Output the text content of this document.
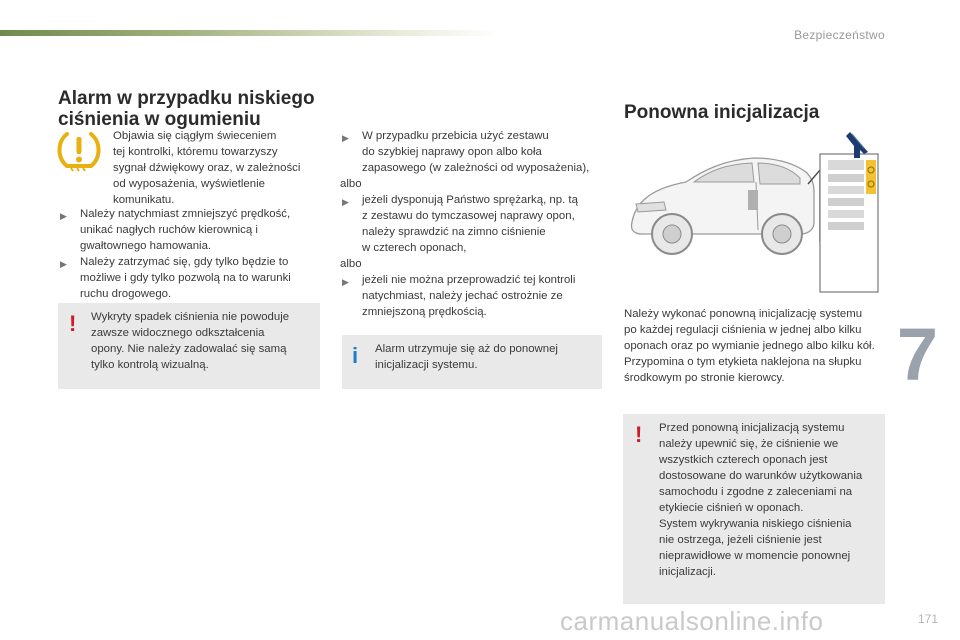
Bezpieczeństwo
7
171
carmanualsonline.info
Alarm w przypadku niskiego ciśnienia w ogumieniu
Objawia się ciągłym świeceniem
tej kontrolki, któremu towarzyszy
sygnał dźwiękowy oraz, w zależności
od wyposażenia, wyświetlenie
komunikatu.
▶ Należy natychmiast zmniejszyć prędkość,
unikać nagłych ruchów kierownicą i
gwałtownego hamowania.
▶ Należy zatrzymać się, gdy tylko będzie to
możliwe i gdy tylko pozwolą na to warunki
ruchu drogowego.
! Wykryty spadek ciśnienia nie powoduje
zawsze widocznego odkształcenia
opony. Nie należy zadowalać się samą
tylko kontrolą wizualną.
▶ W przypadku przebicia użyć zestawu
do szybkiej naprawy opon albo koła
zapasowego (w zależności od wyposażenia),
albo
▶ jeżeli dysponują Państwo sprężarką, np. tą
z zestawu do tymczasowej naprawy opon,
należy sprawdzić na zimno ciśnienie
w czterech oponach,
albo
▶ jeżeli nie można przeprowadzić tej kontroli
natychmiast, należy jechać ostrożnie ze
zmniejszoną prędkością.
i Alarm utrzymuje się aż do ponownej
inicjalizacji systemu.
Ponowna inicjalizacja
Należy wykonać ponowną inicjalizację systemu
po każdej regulacji ciśnienia w jednej albo kilku
oponach oraz po wymianie jednego albo kilku kół.
Przypomina o tym etykieta naklejona na słupku
środkowym po stronie kierowcy.
! Przed ponowną inicjalizacją systemu
należy upewnić się, że ciśnienie we
wszystkich czterech oponach jest
dostosowane do warunków użytkowania
samochodu i zgodne z zaleceniami na
etykiecie ciśnień w oponach.
System wykrywania niskiego ciśnienia
nie ostrzega, jeżeli ciśnienie jest
nieprawidłowe w momencie ponownej
inicjalizacji.
